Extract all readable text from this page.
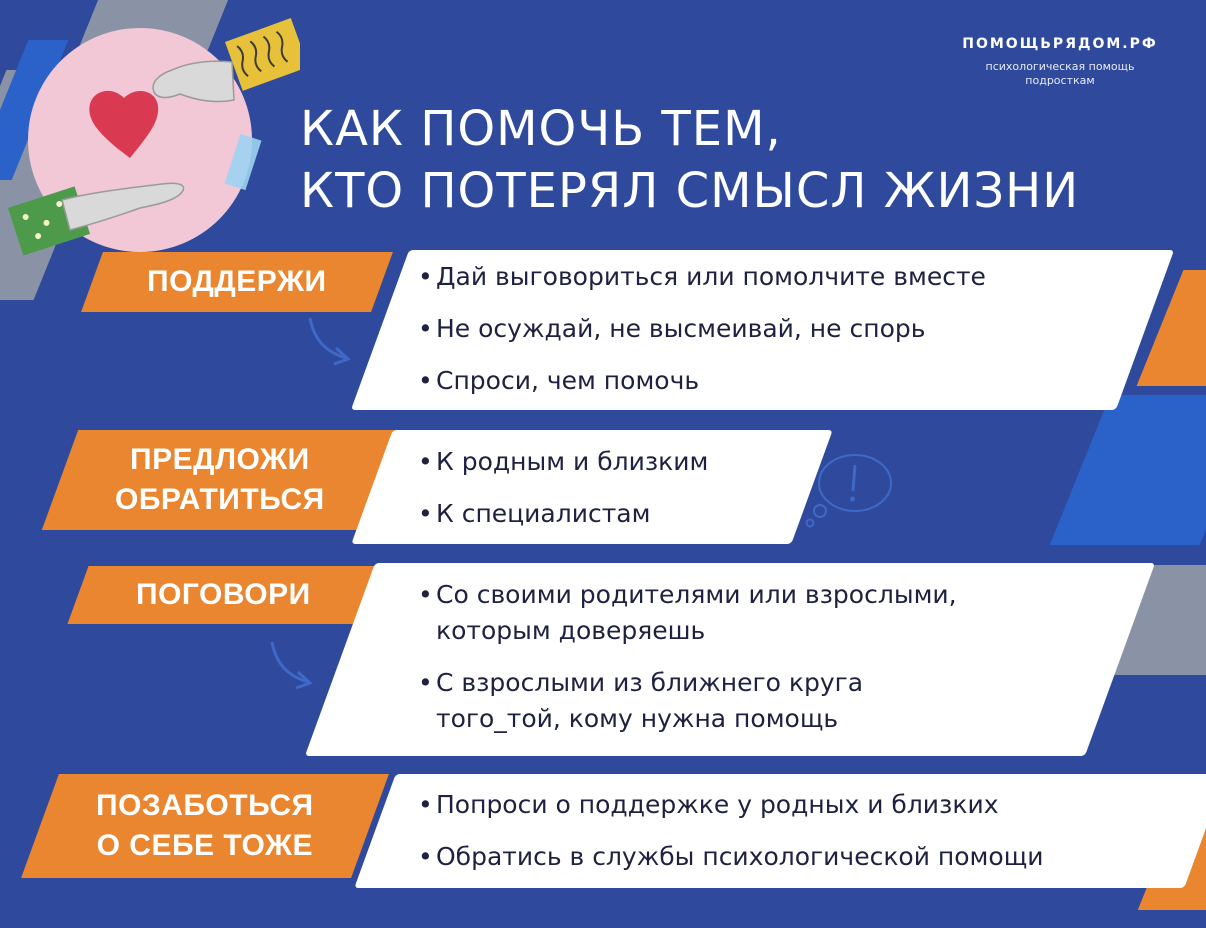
ПОМОЩЬРЯДОМ.РФ
психологическая помощь
подросткам
КАК ПОМОЧЬ ТЕМ,
КТО ПОТЕРЯЛ СМЫСЛ ЖИЗНИ
ПОДДЕРЖИ	• Дай выговориться или помолчите вместе
• Не осуждай, не высмеивай, не спорь
• Спроси, чем помочь
ПРЕДЛОЖИ
ОБРАТИТЬСЯ
• К родным и близким
• К специалистам
ПОГОВОРИ	• Со своими родителями или взрослыми,
которым доверяешь
• С взрослыми из ближнего круга
того_той, кому нужна помощь
ПОЗАБОТЬСЯ
О СЕБЕ ТОЖЕ
• Попроси о поддержке у родных и близких
• Обратись в службы психологической помощи
